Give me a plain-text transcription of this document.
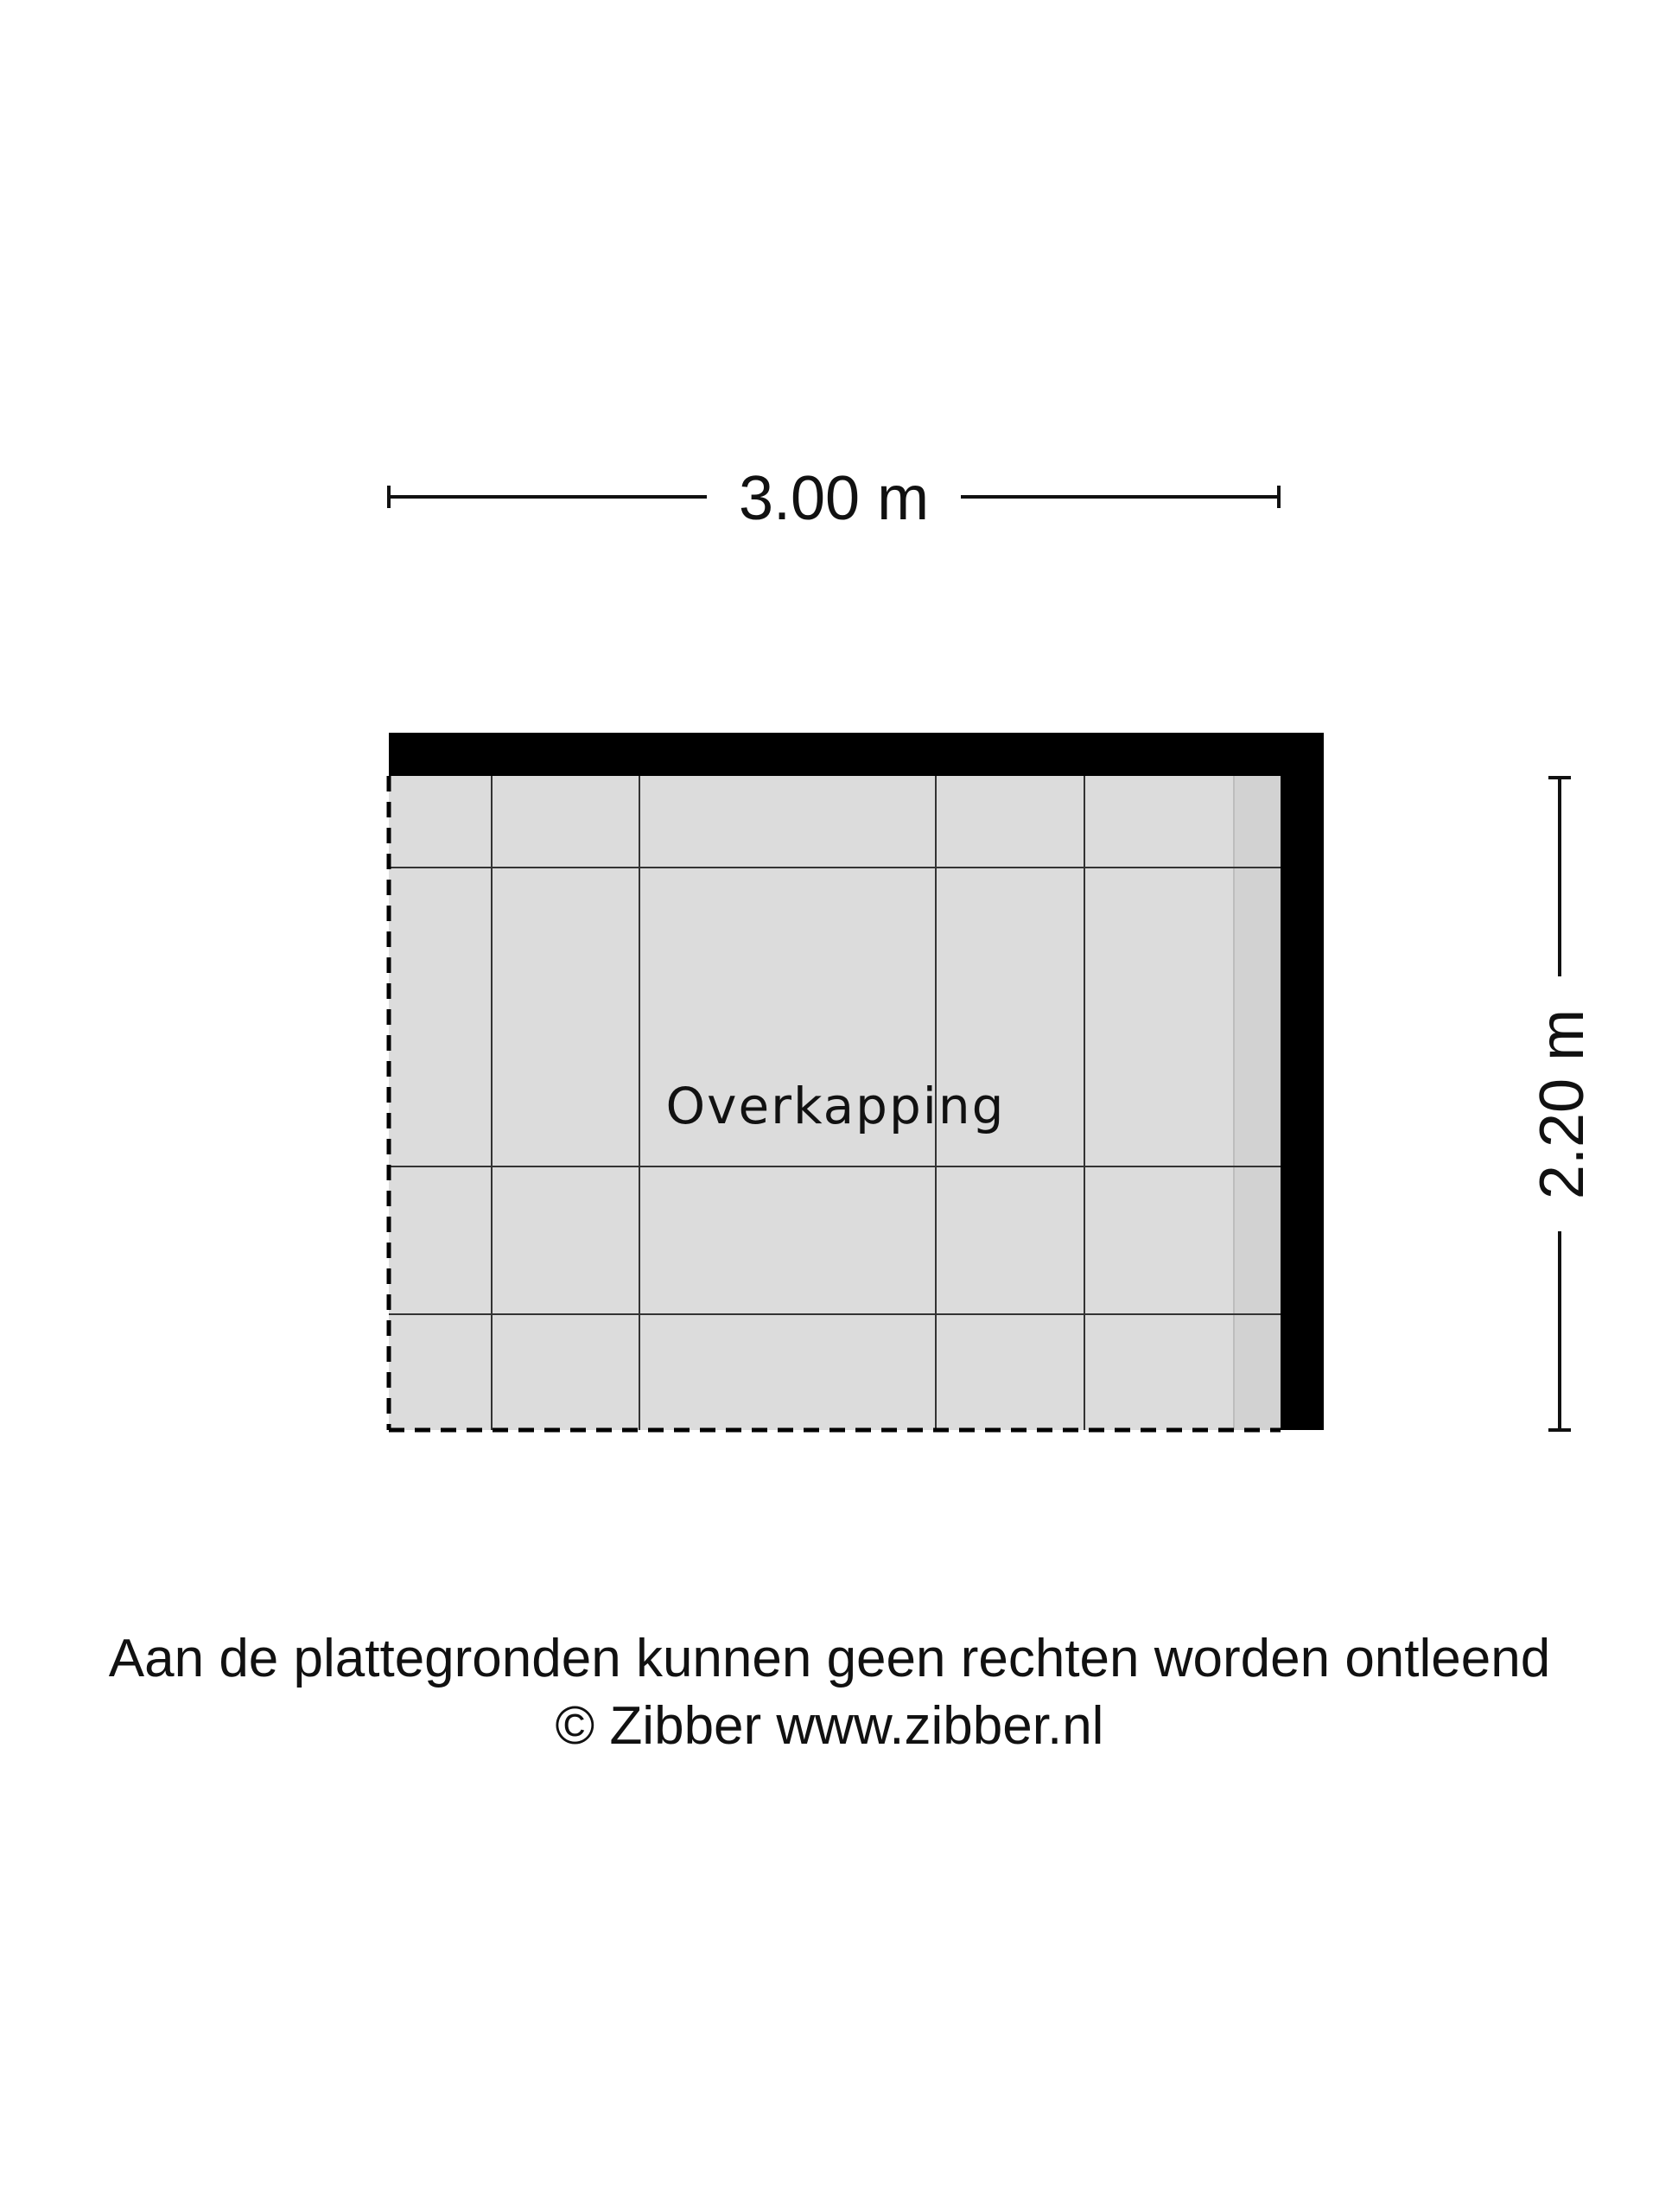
3.00 m
Overkapping	2.20 m
Aan de plattegronden kunnen geen rechten worden ontleend
© Zibber www.zibber.nl
